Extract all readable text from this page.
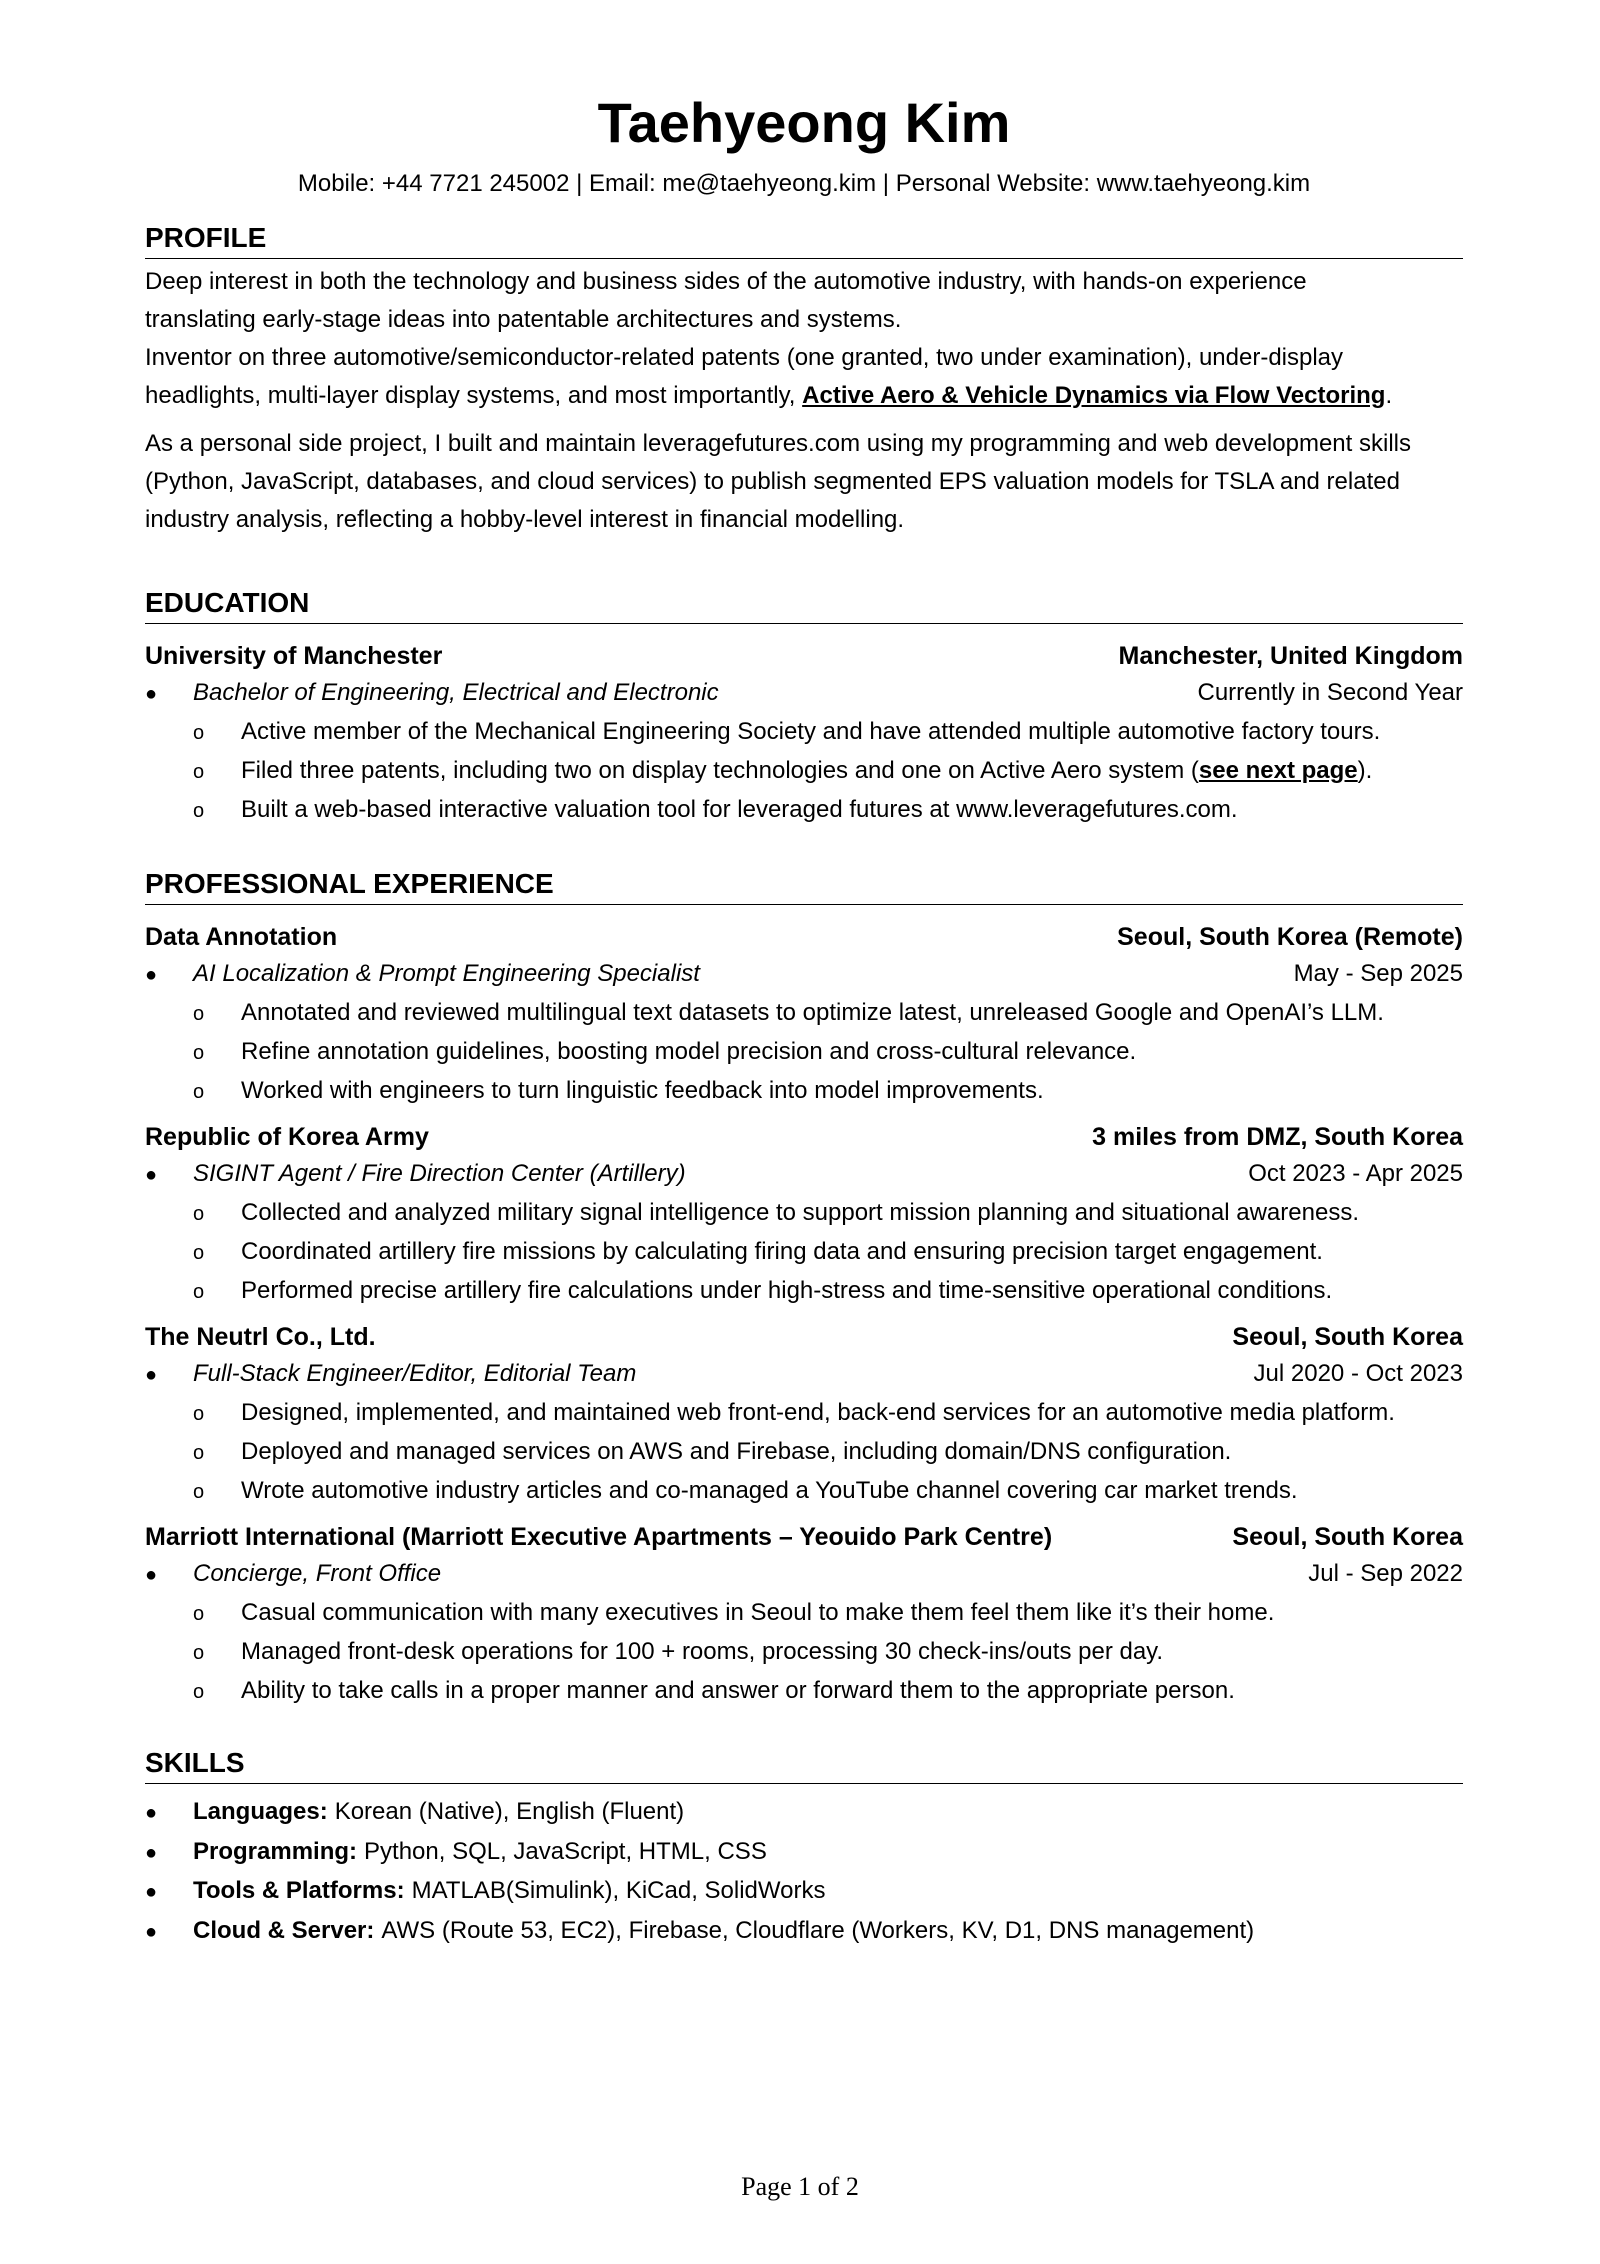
Taehyeong Kim
Mobile: +44 7721 245002 | Email: me@taehyeong.kim | Personal Website: www.taehyeong.kim
PROFILE
Deep interest in both the technology and business sides of the automotive industry, with hands-on experience
translating early-stage ideas into patentable architectures and systems.
Inventor on three automotive/semiconductor-related patents (one granted, two under examination), under-display
headlights, multi-layer display systems, and most importantly, Active Aero & Vehicle Dynamics via Flow Vectoring.
As a personal side project, I built and maintain leveragefutures.com using my programming and web development skills
(Python, JavaScript, databases, and cloud services) to publish segmented EPS valuation models for TSLA and related
industry analysis, reflecting a hobby-level interest in financial modelling.
EDUCATION
University of Manchester	Manchester, United Kingdom
●	Bachelor of Engineering, Electrical and Electronic	Currently in Second Year
o	Active member of the Mechanical Engineering Society and have attended multiple automotive factory tours.
o	Filed three patents, including two on display technologies and one on Active Aero system (see next page).
o	Built a web-based interactive valuation tool for leveraged futures at www.leveragefutures.com.
PROFESSIONAL EXPERIENCE
Data Annotation	Seoul, South Korea (Remote)
●	AI Localization & Prompt Engineering Specialist	May - Sep 2025
o	Annotated and reviewed multilingual text datasets to optimize latest, unreleased Google and OpenAI’s LLM.
o	Refine annotation guidelines, boosting model precision and cross-cultural relevance.
o	Worked with engineers to turn linguistic feedback into model improvements.
Republic of Korea Army	3 miles from DMZ, South Korea
●	SIGINT Agent / Fire Direction Center (Artillery)	Oct 2023 - Apr 2025
o	Collected and analyzed military signal intelligence to support mission planning and situational awareness.
o	Coordinated artillery fire missions by calculating firing data and ensuring precision target engagement.
o	Performed precise artillery fire calculations under high-stress and time-sensitive operational conditions.
The Neutrl Co., Ltd.	Seoul, South Korea
●	Full-Stack Engineer/Editor, Editorial Team	Jul 2020 - Oct 2023
o	Designed, implemented, and maintained web front-end, back-end services for an automotive media platform.
o	Deployed and managed services on AWS and Firebase, including domain/DNS configuration.
o	Wrote automotive industry articles and co-managed a YouTube channel covering car market trends.
Marriott International (Marriott Executive Apartments – Yeouido Park Centre)	Seoul, South Korea
●	Concierge, Front Office	Jul - Sep 2022
o	Casual communication with many executives in Seoul to make them feel them like it’s their home.
o	Managed front-desk operations for 100 + rooms, processing 30 check-ins/outs per day.
o	Ability to take calls in a proper manner and answer or forward them to the appropriate person.
SKILLS
●	Languages: Korean (Native), English (Fluent)
●	Programming: Python, SQL, JavaScript, HTML, CSS
●	Tools & Platforms: MATLAB(Simulink), KiCad, SolidWorks
●	Cloud & Server: AWS (Route 53, EC2), Firebase, Cloudflare (Workers, KV, D1, DNS management)
Page 1 of 2
